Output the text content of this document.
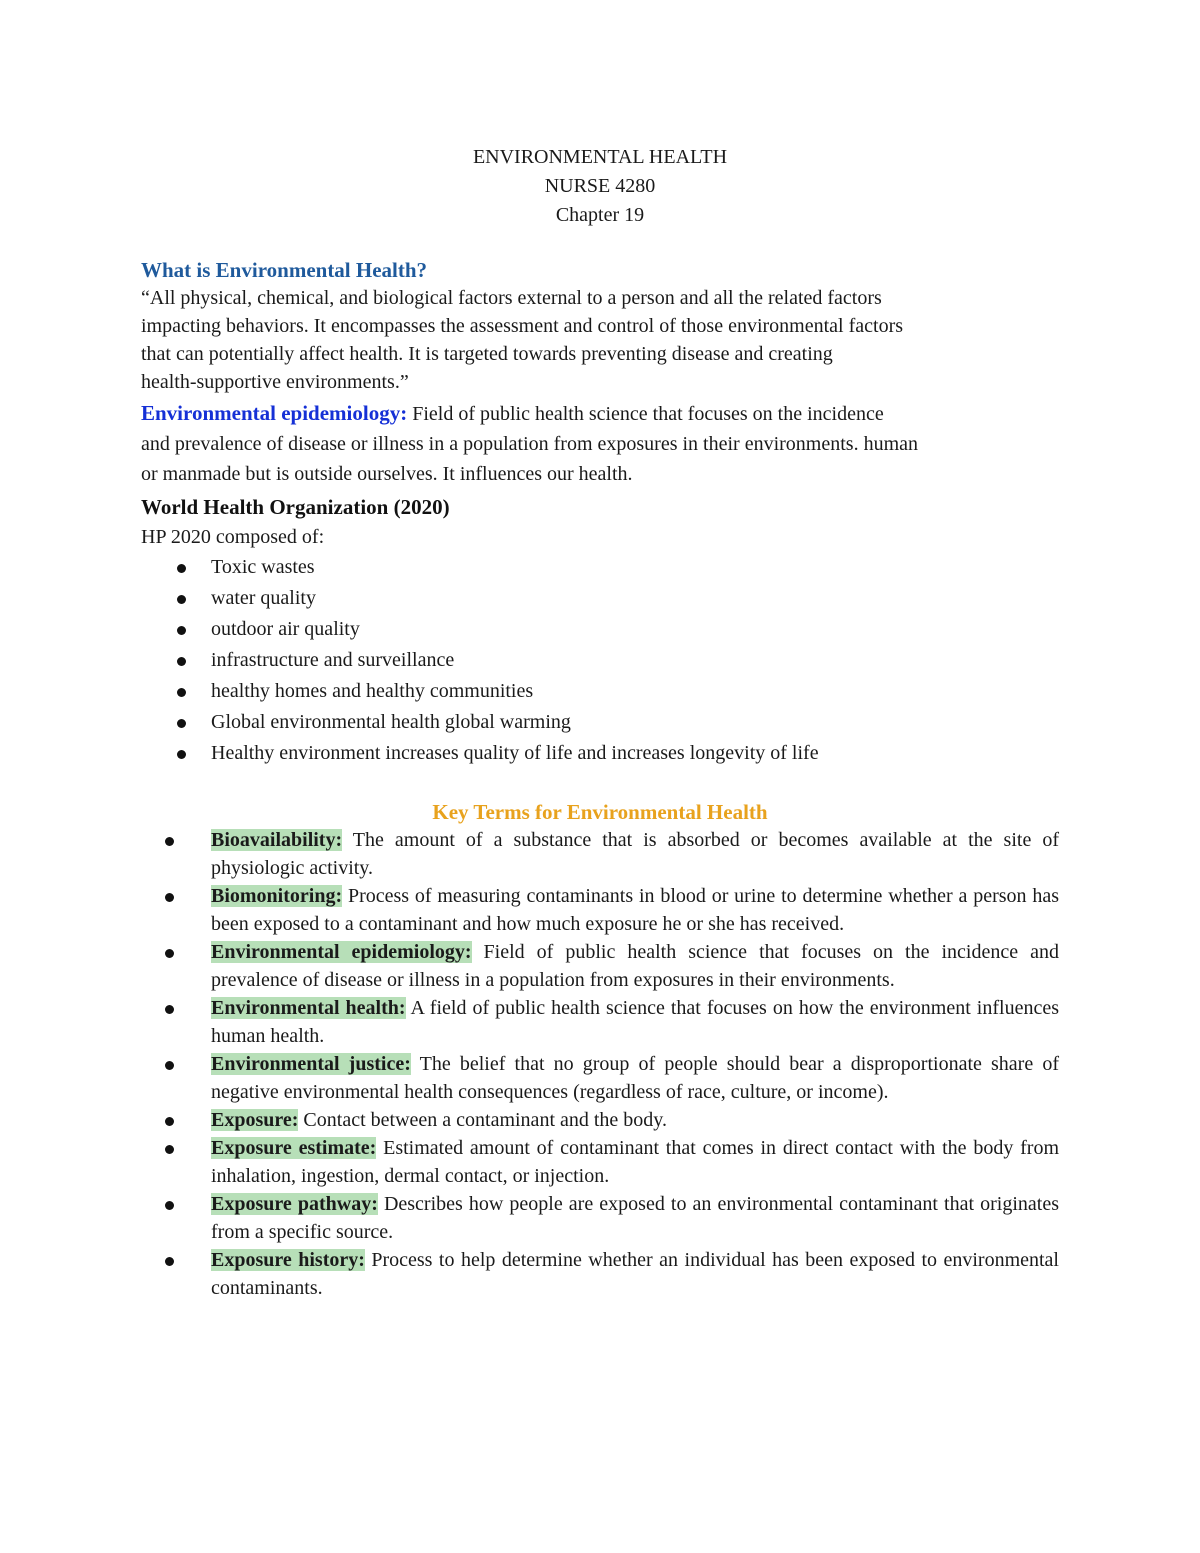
ENVIRONMENTAL HEALTH
NURSE 4280
Chapter 19

What is Environmental Health?

“All physical, chemical, and biological factors external to a person and all the related factors

impacting behaviors. It encompasses the assessment and control of those environmental factors

that can potentially affect health. It is targeted towards preventing disease and creating

health-supportive environments.”

Environmental epidemiology: Field of public health science that focuses on the incidence

and prevalence of disease or illness in a population from exposures in their environments. human

or manmade but is outside ourselves. It influences our health.

World Health Organization (2020)

HP 2020 composed of:

Toxic wastes
water quality
outdoor air quality
infrastructure and surveillance
healthy homes and healthy communities
Global environmental health global warming
Healthy environment increases quality of life and increases longevity of life
Key Terms for Environmental Health
Bioavailability: The amount of a substance that is absorbed or becomes available at the site of physiologic activity.
Biomonitoring: Process of measuring contaminants in blood or urine to determine whether a person has been exposed to a contaminant and how much exposure he or she has received.
Environmental epidemiology: Field of public health science that focuses on the incidence and prevalence of disease or illness in a population from exposures in their environments.
Environmental health: A field of public health science that focuses on how the environment influences human health.
Environmental justice: The belief that no group of people should bear a disproportionate share of negative environmental health consequences (regardless of race, culture, or income).
Exposure: Contact between a contaminant and the body.
Exposure estimate: Estimated amount of contaminant that comes in direct contact with the body from inhalation, ingestion, dermal contact, or injection.
Exposure pathway: Describes how people are exposed to an environmental contaminant that originates from a specific source.
Exposure history: Process to help determine whether an individual has been exposed to environmental contaminants.
